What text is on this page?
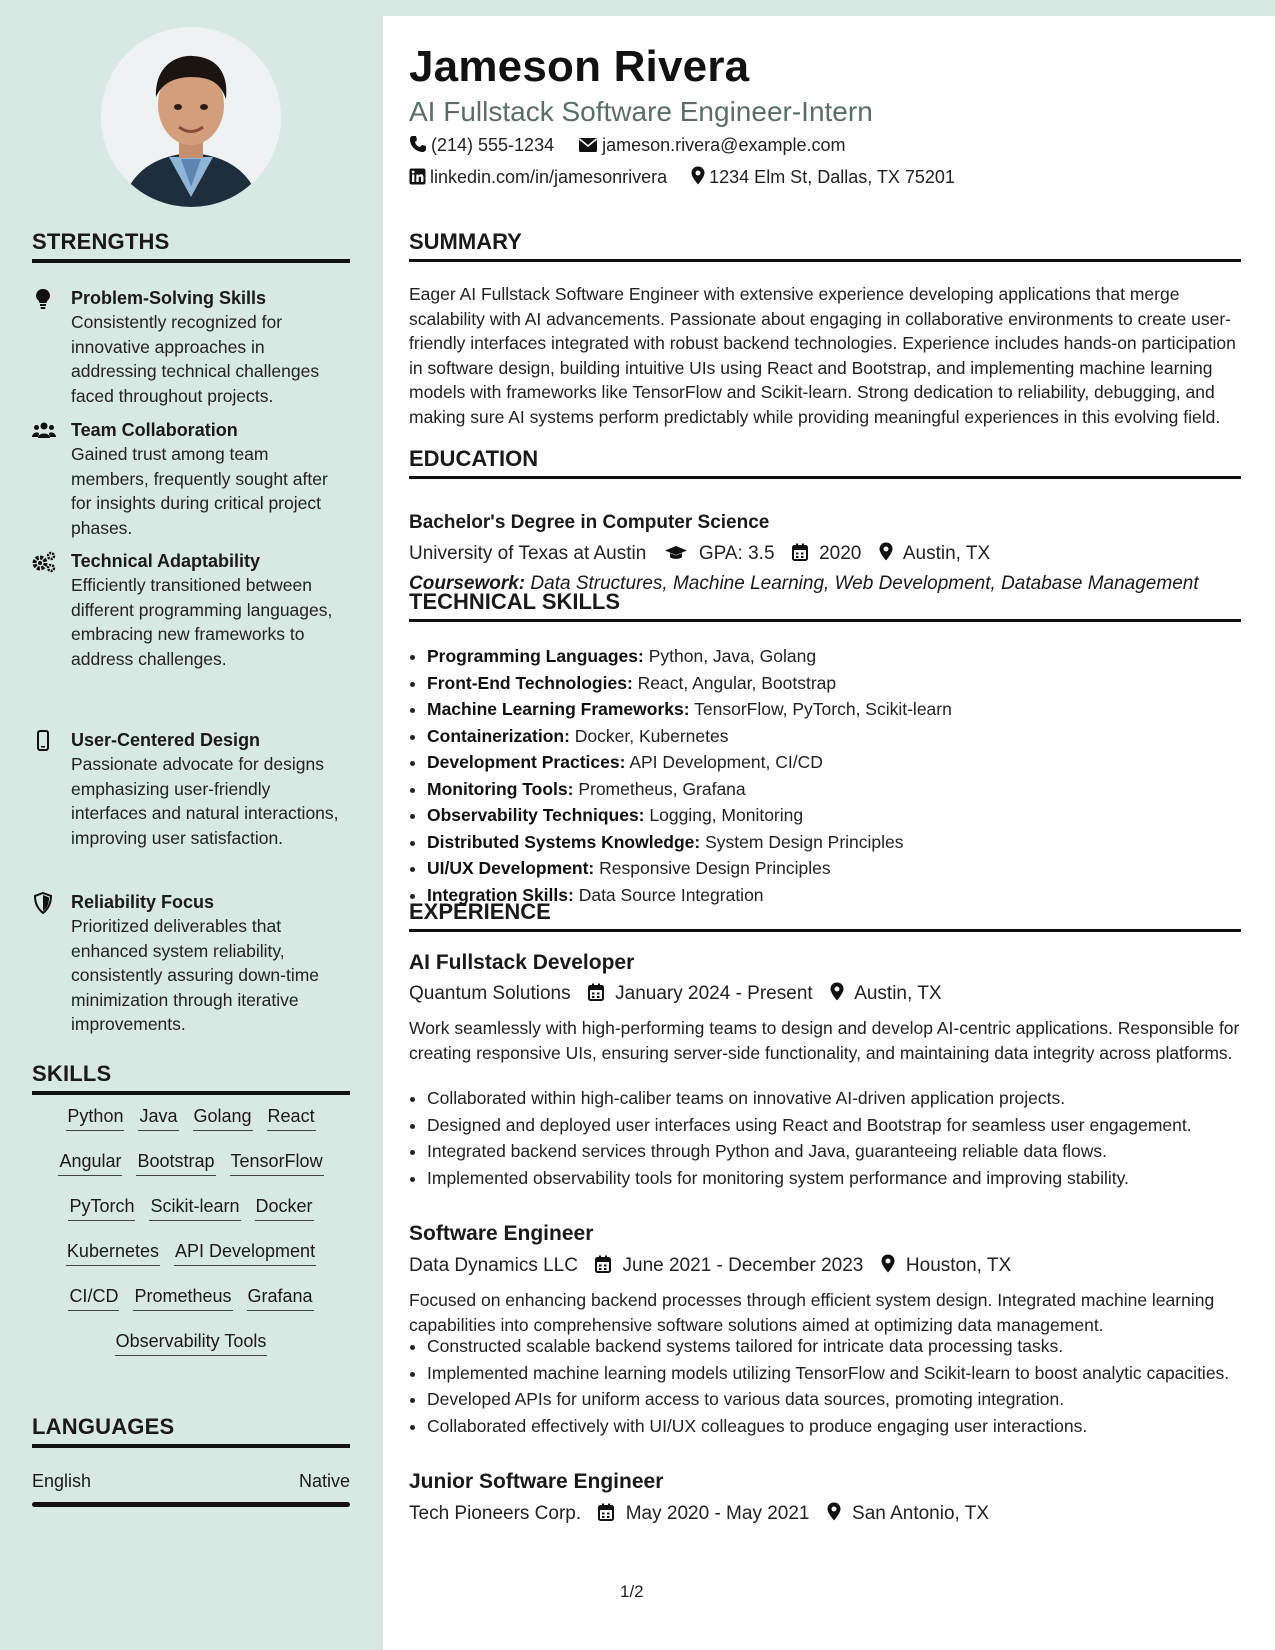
STRENGTHS
Problem-Solving Skills
Consistently recognized for innovative approaches in addressing technical challenges faced throughout projects.
Team Collaboration
Gained trust among team members, frequently sought after for insights during critical project phases.
Technical Adaptability
Efficiently transitioned between different programming languages, embracing new frameworks to address challenges.
User-Centered Design
Passionate advocate for designs emphasizing user-friendly interfaces and natural interactions, improving user satisfaction.
Reliability Focus
Prioritized deliverables that enhanced system reliability, consistently assuring down-time minimization through iterative improvements.
SKILLS
Python Java Golang React
Angular Bootstrap TensorFlow
PyTorch Scikit-learn Docker
Kubernetes API Development
CI/CD Prometheus Grafana
Observability Tools
LANGUAGES
English	Native
Jameson Rivera
AI Fullstack Software Engineer-Intern
(214) 555-1234	jameson.rivera@example.com
linkedin.com/in/jamesonrivera 1234 Elm St, Dallas, TX 75201
SUMMARY
Eager AI Fullstack Software Engineer with extensive experience developing applications that merge scalability with AI advancements. Passionate about engaging in collaborative environments to create user-friendly interfaces integrated with robust backend technologies. Experience includes hands-on participation in software design, building intuitive UIs using React and Bootstrap, and implementing machine learning models with frameworks like TensorFlow and Scikit-learn. Strong dedication to reliability, debugging, and making sure AI systems perform predictably while providing meaningful experiences in this evolving field.
EDUCATION
Bachelor's Degree in Computer Science
University of Texas at Austin	GPA: 3.5 2020 Austin, TX
Coursework: Data Structures, Machine Learning, Web Development, Database Management
TECHNICAL SKILLS
• Programming Languages: Python, Java, Golang
• Front-End Technologies: React, Angular, Bootstrap
• Machine Learning Frameworks: TensorFlow, PyTorch, Scikit-learn
• Containerization: Docker, Kubernetes
• Development Practices: API Development, CI/CD
• Monitoring Tools: Prometheus, Grafana
• Observability Techniques: Logging, Monitoring
• Distributed Systems Knowledge: System Design Principles
• UI/UX Development: Responsive Design Principles
• Integration Skills: Data Source Integration
EXPERIENCE
AI Fullstack Developer
Quantum Solutions January 2024 - Present Austin, TX
Work seamlessly with high-performing teams to design and develop AI-centric applications. Responsible for creating responsive UIs, ensuring server-side functionality, and maintaining data integrity across platforms.
• Collaborated within high-caliber teams on innovative AI-driven application projects.
• Designed and deployed user interfaces using React and Bootstrap for seamless user engagement.
• Integrated backend services through Python and Java, guaranteeing reliable data flows.
• Implemented observability tools for monitoring system performance and improving stability.
Software Engineer
Data Dynamics LLC June 2021 - December 2023 Houston, TX
Focused on enhancing backend processes through efficient system design. Integrated machine learning capabilities into comprehensive software solutions aimed at optimizing data management.
• Constructed scalable backend systems tailored for intricate data processing tasks.
• Implemented machine learning models utilizing TensorFlow and Scikit-learn to boost analytic capacities.
• Developed APIs for uniform access to various data sources, promoting integration.
• Collaborated effectively with UI/UX colleagues to produce engaging user interactions.
Junior Software Engineer
Tech Pioneers Corp. May 2020 - May 2021 San Antonio, TX
1/2
